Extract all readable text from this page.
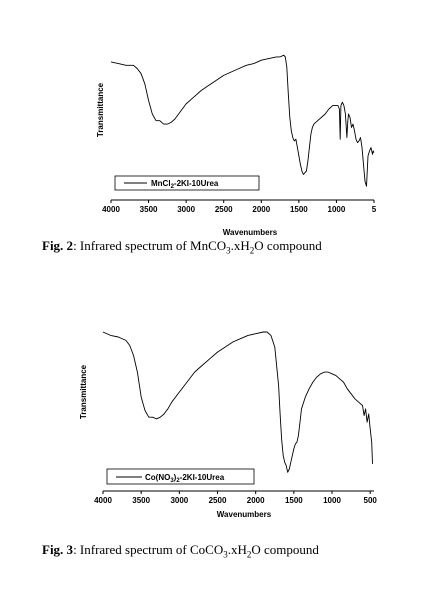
4000 3500 3000 2500 2000 1500 1000	5
Transmittance
Wavenumbers
MnCl$_2$-2KI-10Urea
4000	3500	3000	2500	2000	1500	1000	500
Transmittance
Wavenumbers
$Co(NO_3)_2-2KI-10Urea$
Fig. 2: Infrared spectrum of $MnCO_3.xH_2O$ compound
Fig. 3: Infrared spectrum of $CoCO_3.xH_2O$ compound
